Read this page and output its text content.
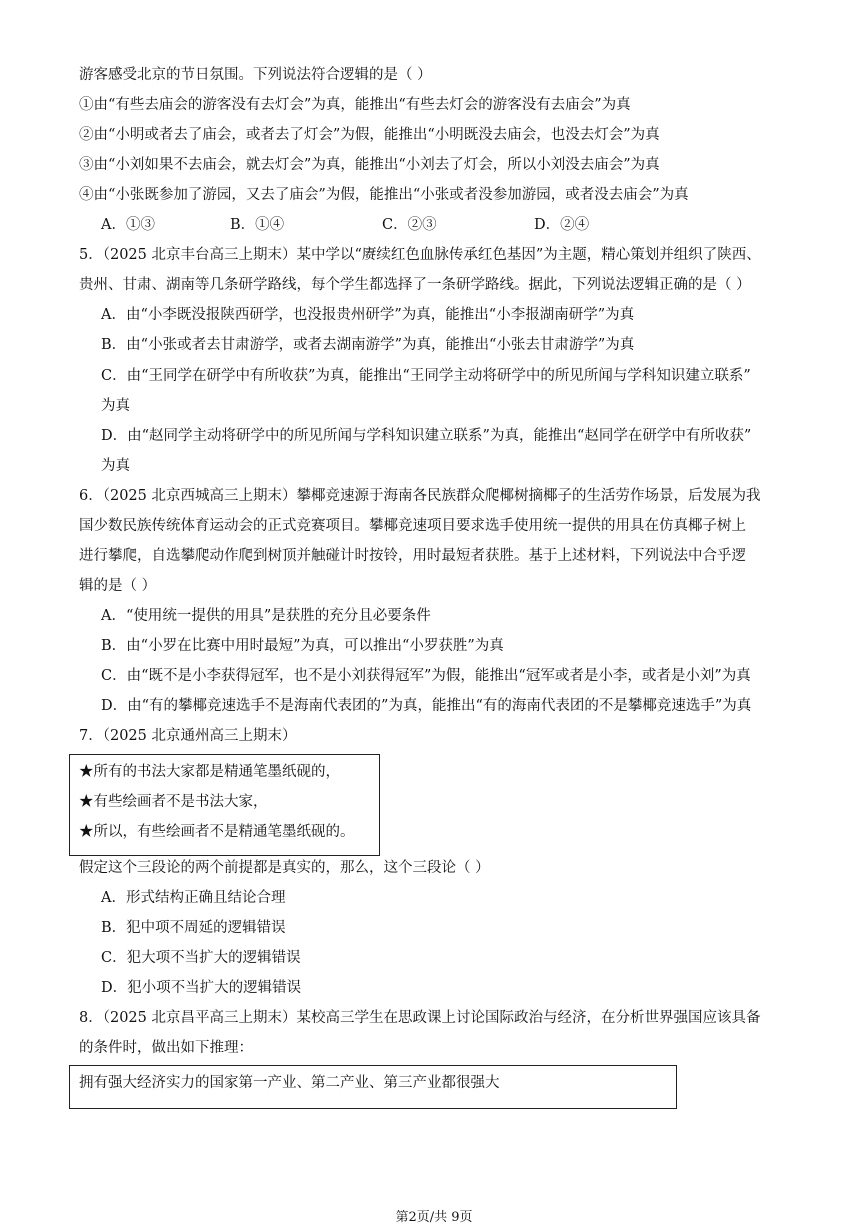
游客感受北京的节日氛围。下列说法符合逻辑的是（ ）
①由“有些去庙会的游客没有去灯会”为真，能推出“有些去灯会的游客没有去庙会”为真
②由“小明或者去了庙会，或者去了灯会”为假，能推出“小明既没去庙会，也没去灯会”为真
③由“小刘如果不去庙会，就去灯会”为真，能推出“小刘去了灯会，所以小刘没去庙会”为真
④由“小张既参加了游园，又去了庙会”为假，能推出“小张或者没参加游园，或者没去庙会”为真
A．①③	B．①④	C．②③	D．②④
5．（2025 北京丰台高三上期末）某中学以“赓续红色血脉传承红色基因”为主题，精心策划并组织了陕西、
贵州、甘肃、湖南等几条研学路线，每个学生都选择了一条研学路线。据此，下列说法逻辑正确的是（ ）
A．由“小李既没报陕西研学，也没报贵州研学”为真，能推出“小李报湖南研学”为真
B．由“小张或者去甘肃游学，或者去湖南游学”为真，能推出“小张去甘肃游学”为真
C．由“王同学在研学中有所收获”为真，能推出“王同学主动将研学中的所见所闻与学科知识建立联系”
为真
D．由“赵同学主动将研学中的所见所闻与学科知识建立联系”为真，能推出“赵同学在研学中有所收获”
为真
6．（2025 北京西城高三上期末）攀椰竞速源于海南各民族群众爬椰树摘椰子的生活劳作场景，后发展为我
国少数民族传统体育运动会的正式竞赛项目。攀椰竞速项目要求选手使用统一提供的用具在仿真椰子树上
进行攀爬，自选攀爬动作爬到树顶并触碰计时按铃，用时最短者获胜。基于上述材料，下列说法中合乎逻
辑的是（ ）
A．“使用统一提供的用具”是获胜的充分且必要条件
B．由“小罗在比赛中用时最短”为真，可以推出“小罗获胜”为真
C．由“既不是小李获得冠军，也不是小刘获得冠军”为假，能推出“冠军或者是小李，或者是小刘”为真
D．由“有的攀椰竞速选手不是海南代表团的”为真，能推出“有的海南代表团的不是攀椰竞速选手”为真
7．（2025 北京通州高三上期末）
★所有的书法大家都是精通笔墨纸砚的，
★有些绘画者不是书法大家，
★所以，有些绘画者不是精通笔墨纸砚的。
假定这个三段论的两个前提都是真实的，那么，这个三段论（ ）
A．形式结构正确且结论合理
B．犯中项不周延的逻辑错误
C．犯大项不当扩大的逻辑错误
D．犯小项不当扩大的逻辑错误
8．（2025 北京昌平高三上期末）某校高三学生在思政课上讨论国际政治与经济，在分析世界强国应该具备
的条件时，做出如下推理：
拥有强大经济实力的国家第一产业、第二产业、第三产业都很强大
第2页/共 9页
